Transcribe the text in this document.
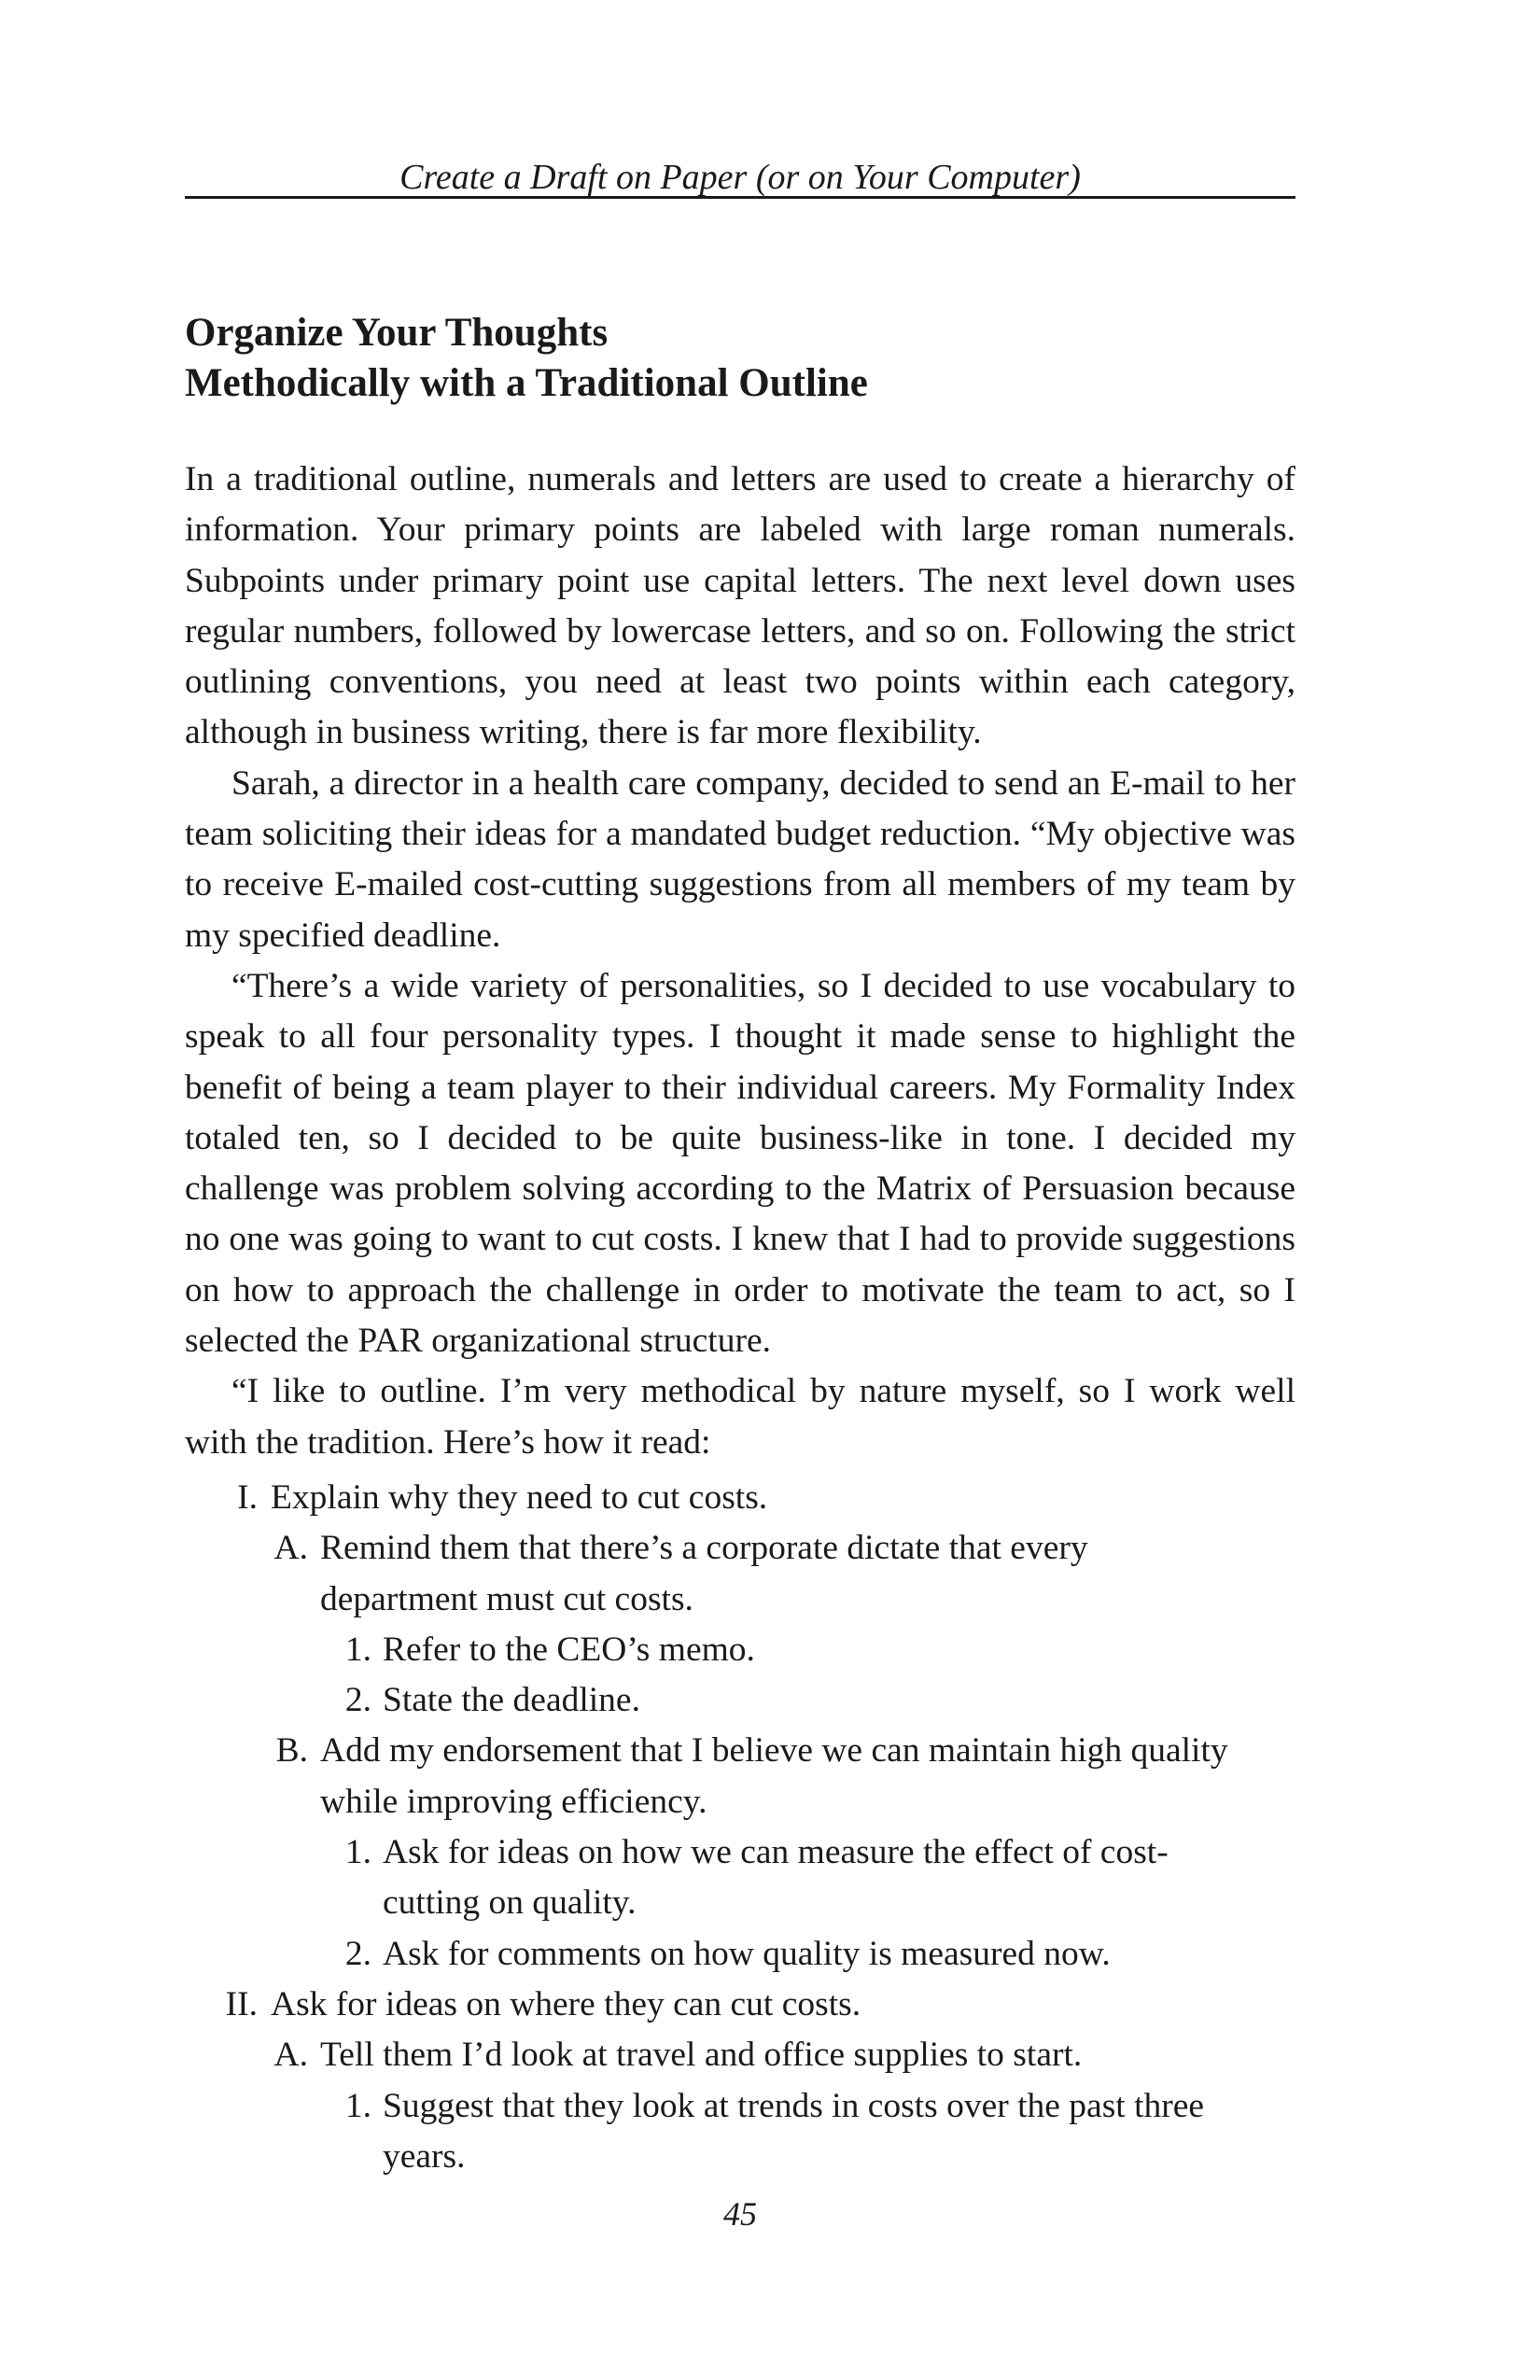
Create a Draft on Paper (or on Your Computer)
Organize Your Thoughts
Methodically with a Traditional Outline

In a traditional outline, numerals and letters are used to create a hierarchy of information. Your primary points are labeled with large roman numerals. Subpoints under primary point use capital letters. The next level down uses regular numbers, followed by lowercase letters, and so on. Following the strict outlining conventions, you need at least two points within each category, although in business writing, there is far more flexibility.

Sarah, a director in a health care company, decided to send an E-mail to her team soliciting their ideas for a mandated budget reduction. “My objective was to receive E-mailed cost-cutting suggestions from all members of my team by my specified deadline.

“There’s a wide variety of personalities, so I decided to use vocabulary to speak to all four personality types. I thought it made sense to highlight the benefit of being a team player to their individual careers. My Formality Index totaled ten, so I decided to be quite business-like in tone. I decided my challenge was problem solving according to the Matrix of Persuasion because no one was going to want to cut costs. I knew that I had to provide suggestions on how to approach the challenge in order to motivate the team to act, so I selected the PAR organizational structure.

“I like to outline. I’m very methodical by nature myself, so I work well with the tradition. Here’s how it read:

I. Explain why they need to cut costs.
A. Remind them that there’s a corporate dictate that every department must cut costs.
1. Refer to the CEO’s memo.
2. State the deadline.
B. Add my endorsement that I believe we can maintain high quality while improving efficiency.
1. Ask for ideas on how we can measure the effect of cost-cutting on quality.
2. Ask for comments on how quality is measured now.
II. Ask for ideas on where they can cut costs.
A. Tell them I’d look at travel and office supplies to start.
1. Suggest that they look at trends in costs over the past three years.
45
